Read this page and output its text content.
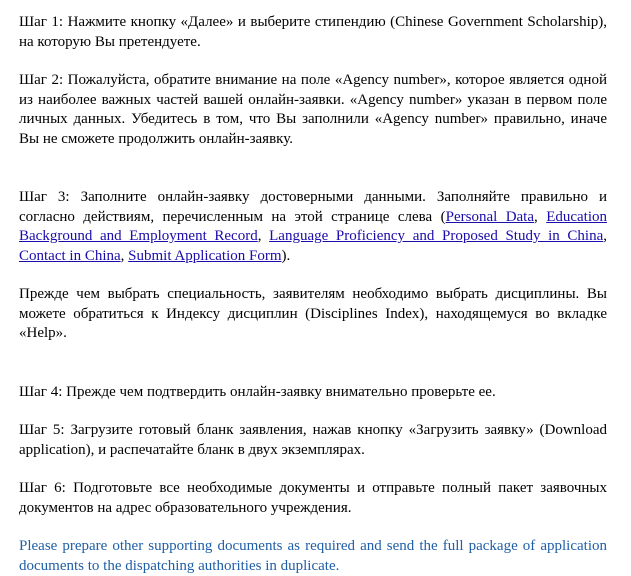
Шаг 1: Нажмите кнопку «Далее» и выберите стипендию (Chinese Government Scholarship), на которую Вы претендуете.

Шаг 2: Пожалуйста, обратите внимание на поле «Agency number», которое является одной из наиболее важных частей вашей онлайн-заявки. «Agency number» указан в первом поле личных данных. Убедитесь в том, что Вы заполнили «Agency number» правильно, иначе Вы не сможете продолжить онлайн-заявку.

Шаг 3: Заполните онлайн-заявку достоверными данными. Заполняйте правильно и согласно действиям, перечисленным на этой странице слева (Personal Data, Education Background and Employment Record, Language Proficiency and Proposed Study in China, Contact in China, Submit Application Form).

Прежде чем выбрать специальность, заявителям необходимо выбрать дисциплины. Вы можете обратиться к Индексу дисциплин (Disciplines Index), находящемуся во вкладке «Help».

Шаг 4: Прежде чем подтвердить онлайн-заявку внимательно проверьте ее.

Шаг 5: Загрузите готовый бланк заявления, нажав кнопку «Загрузить заявку» (Download application), и распечатайте бланк в двух экземплярах.

Шаг 6: Подготовьте все необходимые документы и отправьте полный пакет заявочных документов на адрес образовательного учреждения.

Please prepare other supporting documents as required and send the full package of application documents to the dispatching authorities in duplicate.
